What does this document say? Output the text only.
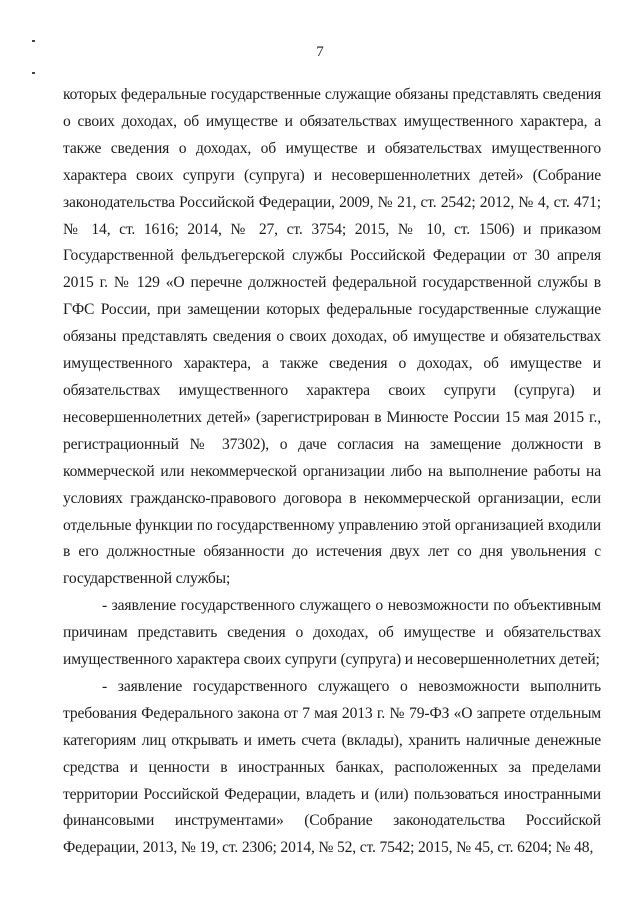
7

которых федеральные государственные служащие обязаны представлять сведения о своих доходах, об имуществе и обязательствах имущественного характера, а также сведения о доходах, об имуществе и обязательствах имущественного характера своих супруги (супруга) и несовершеннолетних детей» (Собрание законодательства Российской Федерации, 2009, № 21, ст. 2542; 2012, № 4, ст. 471; № 14, ст. 1616; 2014, № 27, ст. 3754; 2015, № 10, ст. 1506) и приказом Государственной фельдъегерской службы Российской Федерации от 30 апреля 2015 г. № 129 «О перечне должностей федеральной государственной службы в ГФС России, при замещении которых федеральные государственные служащие обязаны представлять сведения о своих доходах, об имуществе и обязательствах имущественного характера, а также сведения о доходах, об имуществе и обязательствах имущественного характера своих супруги (супруга) и несовершеннолетних детей» (зарегистрирован в Минюсте России 15 мая 2015 г., регистрационный № 37302), о даче согласия на замещение должности в коммерческой или некоммерческой организации либо на выполнение работы на условиях гражданско-правового договора в некоммерческой организации, если отдельные функции по государственному управлению этой организацией входили в его должностные обязанности до истечения двух лет со дня увольнения с государственной службы;

- заявление государственного служащего о невозможности по объективным причинам представить сведения о доходах, об имуществе и обязательствах имущественного характера своих супруги (супруга) и несовершеннолетних детей;

- заявление государственного служащего о невозможности выполнить требования Федерального закона от 7 мая 2013 г. № 79-ФЗ «О запрете отдельным категориям лиц открывать и иметь счета (вклады), хранить наличные денежные средства и ценности в иностранных банках, расположенных за пределами территории Российской Федерации, владеть и (или) пользоваться иностранными финансовыми инструментами» (Собрание законодательства Российской Федерации, 2013, № 19, ст. 2306; 2014, № 52, ст. 7542; 2015, № 45, ст. 6204; № 48,
